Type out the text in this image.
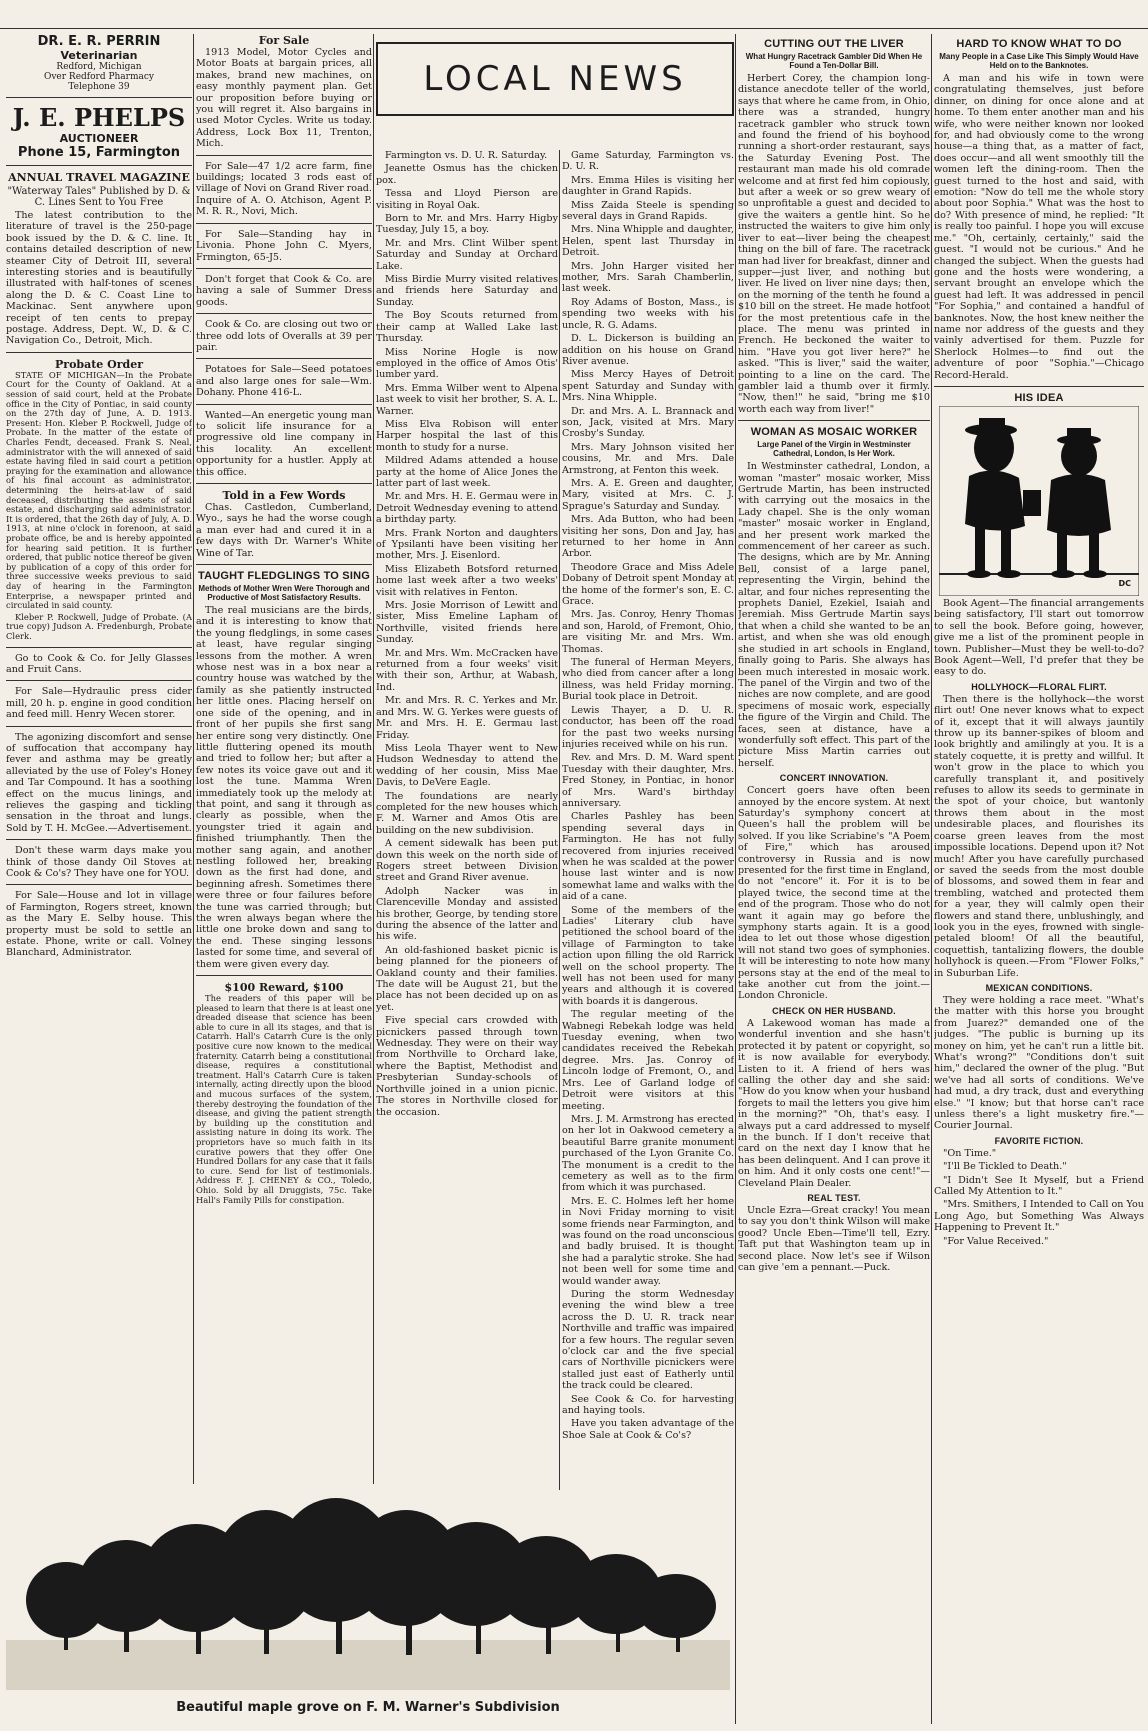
LOCAL NEWS
DR. E. R. PERRIN
Veterinarian
Redford, Michigan
Over Redford Pharmacy
Telephone 39
J. E. PHELPS
AUCTIONEER
Phone 15, Farmington
ANNUAL TRAVEL MAGAZINE
"Waterway Tales" Published by D. & C. Lines Sent to You Free

The latest contribution to the literature of travel is the 250-page book issued by the D. & C. line. It contains detailed description of new steamer City of Detroit III, several interesting stories and is beautifully illustrated with half-tones of scenes along the D. & C. Coast Line to Mackinac. Sent anywhere upon receipt of ten cents to prepay postage. Address, Dept. W., D. & C. Navigation Co., Detroit, Mich.

Probate Order

STATE OF MICHIGAN—In the Probate Court for the County of Oakland. At a session of said court, held at the Probate office in the City of Pontiac, in said county on the 27th day of June, A. D. 1913. Present: Hon. Kleber P. Rockwell, Judge of Probate. In the matter of the estate of Charles Fendt, deceased. Frank S. Neal, administrator with the will annexed of said estate having filed in said court a petition praying for the examination and allowance of his final account as administrator, determining the heirs-at-law of said deceased, distributing the assets of said estate, and discharging said administrator. It is ordered, that the 26th day of July, A. D. 1913, at nine o'clock in forenoon, at said probate office, be and is hereby appointed for hearing said petition. It is further ordered, that public notice thereof be given by publication of a copy of this order for three successive weeks previous to said day of hearing in the Farmington Enterprise, a newspaper printed and circulated in said county.

Kleber P. Rockwell, Judge of Probate. (A true copy) Judson A. Fredenburgh, Probate Clerk.

Go to Cook & Co. for Jelly Glasses and Fruit Cans.

For Sale—Hydraulic press cider mill, 20 h. p. engine in good condition and feed mill. Henry Wecen storer.

The agonizing discomfort and sense of suffocation that accompany hay fever and asthma may be greatly alleviated by the use of Foley's Honey and Tar Compound. It has a soothing effect on the mucus linings, and relieves the gasping and tickling sensation in the throat and lungs. Sold by T. H. McGee.—Advertisement.

Don't these warm days make you think of those dandy Oil Stoves at Cook & Co's? They have one for YOU.

For Sale—House and lot in village of Farmington, Rogers street, known as the Mary E. Selby house. This property must be sold to settle an estate. Phone, write or call. Volney Blanchard, Administrator.

For Sale

1913 Model, Motor Cycles and Motor Boats at bargain prices, all makes, brand new machines, on easy monthly payment plan. Get our proposition before buying or you will regret it. Also bargains in used Motor Cycles. Write us today. Address, Lock Box 11, Trenton, Mich.

For Sale—47 1/2 acre farm, fine buildings; located 3 rods east of village of Novi on Grand River road. Inquire of A. O. Atchison, Agent P. M. R. R., Novi, Mich.

For Sale—Standing hay in Livonia. Phone John C. Myers, Frmington, 65-J5.

Don't forget that Cook & Co. are having a sale of Summer Dress goods.

Cook & Co. are closing out two or three odd lots of Overalls at 39 per pair.

Potatoes for Sale—Seed potatoes and also large ones for sale—Wm. Dohany. Phone 416-L.

Wanted—An energetic young man to solicit life insurance for a progressive old line company in this locality. An excellent opportunity for a hustler. Apply at this office.

Told in a Few Words

Chas. Castledon, Cumberland, Wyo., says he had the worse cough a man ever had and cured it in a few days with Dr. Warner's White Wine of Tar.

TAUGHT FLEDGLINGS TO SING
Methods of Mother Wren Were Thorough and Productive of Most Satisfactory Results.

The real musicians are the birds, and it is interesting to know that the young fledglings, in some cases at least, have regular singing lessons from the mother. A wren whose nest was in a box near a country house was watched by the family as she patiently instructed her little ones. Placing herself on one side of the opening, and in front of her pupils she first sang her entire song very distinctly. One little fluttering opened its mouth and tried to follow her; but after a few notes its voice gave out and it lost the tune. Mamma Wren immediately took up the melody at that point, and sang it through as clearly as possible, when the youngster tried it again and finished triumphantly. Then the mother sang again, and another nestling followed her, breaking down as the first had done, and beginning afresh. Sometimes there were three or four failures before the tune was carried through; but the wren always began where the little one broke down and sang to the end. These singing lessons lasted for some time, and several of them were given every day.

$100 Reward, $100

The readers of this paper will be pleased to learn that there is at least one dreaded disease that science has been able to cure in all its stages, and that is Catarrh. Hall's Catarrh Cure is the only positive cure now known to the medical fraternity. Catarrh being a constitutional disease, requires a constitutional treatment. Hall's Catarrh Cure is taken internally, acting directly upon the blood and mucous surfaces of the system, thereby destroying the foundation of the disease, and giving the patient strength by building up the constitution and assisting nature in doing its work. The proprietors have so much faith in its curative powers that they offer One Hundred Dollars for any case that it fails to cure. Send for list of testimonials. Address F. J. CHENEY & CO., Toledo, Ohio. Sold by all Druggists, 75c. Take Hall's Family Pills for constipation.

Farmington vs. D. U. R. Saturday.

Jeanette Osmus has the chicken pox.

Tessa and Lloyd Pierson are visiting in Royal Oak.

Born to Mr. and Mrs. Harry Higby Tuesday, July 15, a boy.

Mr. and Mrs. Clint Wilber spent Saturday and Sunday at Orchard Lake.

Miss Birdie Murry visited relatives and friends here Saturday and Sunday.

The Boy Scouts returned from their camp at Walled Lake last Thursday.

Miss Norine Hogle is now employed in the office of Amos Otis' lumber yard.

Mrs. Emma Wilber went to Alpena last week to visit her brother, S. A. L. Warner.

Miss Elva Robison will enter Harper hospital the last of this month to study for a nurse.

Mildred Adams attended a house party at the home of Alice Jones the latter part of last week.

Mr. and Mrs. H. E. Germau were in Detroit Wednesday evening to attend a birthday party.

Mrs. Frank Norton and daughters of Ypsilanti have been visiting her mother, Mrs. J. Eisenlord.

Miss Elizabeth Botsford returned home last week after a two weeks' visit with relatives in Fenton.

Mrs. Josie Morrison of Lewitt and sister, Miss Emeline Lapham of Northville, visited friends here Sunday.

Mr. and Mrs. Wm. McCracken have returned from a four weeks' visit with their son, Arthur, at Wabash, Ind.

Mr. and Mrs. R. C. Yerkes and Mr. and Mrs. W. G. Yerkes were guests of Mr. and Mrs. H. E. Germau last Friday.

Miss Leola Thayer went to New Hudson Wednesday to attend the wedding of her cousin, Miss Mae Davis, to DeVere Eagle.

The foundations are nearly completed for the new houses which F. M. Warner and Amos Otis are building on the new subdivision.

A cement sidewalk has been put down this week on the north side of Rogers street between Division street and Grand River avenue.

Adolph Nacker was in Clarenceville Monday and assisted his brother, George, by tending store during the absence of the latter and his wife.

An old-fashioned basket picnic is being planned for the pioneers of Oakland county and their families. The date will be August 21, but the place has not been decided up on as yet.

Five special cars crowded with picnickers passed through town Wednesday. They were on their way from Northville to Orchard lake, where the Baptist, Methodist and Presbyterian Sunday-schools of Northville joined in a union picnic. The stores in Northville closed for the occasion.

Game Saturday, Farmington vs. D. U. R.

Mrs. Emma Hiles is visiting her daughter in Grand Rapids.

Miss Zaida Steele is spending several days in Grand Rapids.

Mrs. Nina Whipple and daughter, Helen, spent last Thursday in Detroit.

Mrs. John Harger visited her mother, Mrs. Sarah Chamberlin, last week.

Roy Adams of Boston, Mass., is spending two weeks with his uncle, R. G. Adams.

D. L. Dickerson is building an addition on his house on Grand River avenue.

Miss Mercy Hayes of Detroit spent Saturday and Sunday with Mrs. Nina Whipple.

Dr. and Mrs. A. L. Brannack and son, Jack, visited at Mrs. Mary Crosby's Sunday.

Mrs. Mary Johnson visited her cousins, Mr. and Mrs. Dale Armstrong, at Fenton this week.

Mrs. A. E. Green and daughter, Mary, visited at Mrs. C. J. Sprague's Saturday and Sunday.

Mrs. Ada Button, who had been visiting her sons, Don and Jay, has returned to her home in Ann Arbor.

Theodore Grace and Miss Adele Dobany of Detroit spent Monday at the home of the former's son, E. C. Grace.

Mrs. Jas. Conroy, Henry Thomas and son, Harold, of Fremont, Ohio, are visiting Mr. and Mrs. Wm. Thomas.

The funeral of Herman Meyers, who died from cancer after a long illness, was held Friday morning. Burial took place in Detroit.

Lewis Thayer, a D. U. R. conductor, has been off the road for the past two weeks nursing injuries received while on his run.

Rev. and Mrs. D. M. Ward spent Tuesday with their daughter, Mrs. Fred Stoney, in Pontiac, in honor of Mrs. Ward's birthday anniversary.

Charles Pashley has been spending several days in Farmington. He has not fully recovered from injuries received when he was scalded at the power house last winter and is now somewhat lame and walks with the aid of a cane.

Some of the members of the Ladies' Literary club have petitioned the school board of the village of Farmington to take action upon filling the old Rarrick well on the school property. The well has not been used for many years and although it is covered with boards it is dangerous.

The regular meeting of the Wabnegi Rebekah lodge was held Tuesday evening, when two candidates received the Rebekah degree. Mrs. Jas. Conroy of Lincoln lodge of Fremont, O., and Mrs. Lee of Garland lodge of Detroit were visitors at this meeting.

Mrs. J. M. Armstrong has erected on her lot in Oakwood cemetery a beautiful Barre granite monument purchased of the Lyon Granite Co. The monument is a credit to the cemetery as well as to the firm from which it was purchased.

Mrs. E. C. Holmes left her home in Novi Friday morning to visit some friends near Farmington, and was found on the road unconscious and badly bruised. It is thought she had a paralytic stroke. She had not been well for some time and would wander away.

During the storm Wednesday evening the wind blew a tree across the D. U. R. track near Northville and traffic was impaired for a few hours. The regular seven o'clock car and the five special cars of Northville picnickers were stalled just east of Eatherly until the track could be cleared.

See Cook & Co. for harvesting and haying tools.

Have you taken advantage of the Shoe Sale at Cook & Co's?

CUTTING OUT THE LIVER
What Hungry Racetrack Gambler Did When He Found a Ten-Dollar Bill.

Herbert Corey, the champion long-distance anecdote teller of the world, says that where he came from, in Ohio, there was a stranded, hungry racetrack gambler who struck town and found the friend of his boyhood running a short-order restaurant, says the Saturday Evening Post. The restaurant man made his old comrade welcome and at first fed him copiously, but after a week or so grew weary of so unprofitable a guest and decided to give the waiters a gentle hint. So he instructed the waiters to give him only liver to eat—liver being the cheapest thing on the bill of fare. The racetrack man had liver for breakfast, dinner and supper—just liver, and nothing but liver. He lived on liver nine days; then, on the morning of the tenth he found a $10 bill on the street. He made hotfoot for the most pretentious cafe in the place. The menu was printed in French. He beckoned the waiter to him. "Have you got liver here?" he asked. "This is liver," said the waiter, pointing to a line on the card. The gambler laid a thumb over it firmly. "Now, then!" he said, "bring me $10 worth each way from liver!"

WOMAN AS MOSAIC WORKER
Large Panel of the Virgin in Westminster Cathedral, London, Is Her Work.

In Westminster cathedral, London, a woman "master" mosaic worker, Miss Gertrude Martin, has been instructed with carrying out the mosaics in the Lady chapel. She is the only woman "master" mosaic worker in England, and her present work marked the commencement of her career as such. The designs, which are by Mr. Anning Bell, consist of a large panel, representing the Virgin, behind the altar, and four niches representing the prophets Daniel, Ezekiel, Isaiah and Jeremiah. Miss Gertrude Martin says that when a child she wanted to be an artist, and when she was old enough she studied in art schools in England, finally going to Paris. She always has been much interested in mosaic work. The panel of the Virgin and two of the niches are now complete, and are good specimens of mosaic work, especially the figure of the Virgin and Child. The faces, seen at distance, have a wonderfully soft effect. This part of the picture Miss Martin carries out herself.

CONCERT INNOVATION.

Concert goers have often been annoyed by the encore system. At next Saturday's symphony concert at Queen's hall the problem will be solved. If you like Scriabine's "A Poem of Fire," which has aroused controversy in Russia and is now presented for the first time in England, do not "encore" it. For it is to be played twice, the second time at the end of the program. Those who do not want it again may go before the symphony starts again. It is a good idea to let out those whose digestion will not stand two goes of symphonies. It will be interesting to note how many persons stay at the end of the meal to take another cut from the joint.—London Chronicle.

CHECK ON HER HUSBAND.

A Lakewood woman has made a wonderful invention and she hasn't protected it by patent or copyright, so it is now available for everybody. Listen to it. A friend of hers was calling the other day and she said: "How do you know when your husband forgets to mail the letters you give him in the morning?" "Oh, that's easy. I always put a card addressed to myself in the bunch. If I don't receive that card on the next day I know that he has been delinquent. And I can prove it on him. And it only costs one cent!"—Cleveland Plain Dealer.

REAL TEST.

Uncle Ezra—Great cracky! You mean to say you don't think Wilson will make good? Uncle Eben—Time'll tell, Ezry. Taft put that Washington team up in second place. Now let's see if Wilson can give 'em a pennant.—Puck.

HARD TO KNOW WHAT TO DO
Many People in a Case Like This Simply Would Have Held on to the Banknotes.

A man and his wife in town were congratulating themselves, just before dinner, on dining for once alone and at home. To them enter another man and his wife, who were neither known nor looked for, and had obviously come to the wrong house—a thing that, as a matter of fact, does occur—and all went smoothly till the women left the dining-room. Then the guest turned to the host and said, with emotion: "Now do tell me the whole story about poor Sophia." What was the host to do? With presence of mind, he replied: "It is really too painful. I hope you will excuse me." "Oh, certainly, certainly," said the guest. "I would not be curious." And he changed the subject. When the guests had gone and the hosts were wondering, a servant brought an envelope which the guest had left. It was addressed in pencil "For Sophia," and contained a handful of banknotes. Now, the host knew neither the name nor address of the guests and they vainly advertised for them. Puzzle for Sherlock Holmes—to find out the adventure of poor "Sophia."—Chicago Record-Herald.

HIS IDEA
DC

Book Agent—The financial arrangements being satisfactory, I'll start out tomorrow to sell the book. Before going, however, give me a list of the prominent people in town. Publisher—Must they be well-to-do? Book Agent—Well, I'd prefer that they be easy to do.

HOLLYHOCK—FLORAL FLIRT.

Then there is the hollyhock—the worst flirt out! One never knows what to expect of it, except that it will always jauntily throw up its banner-spikes of bloom and look brightly and amilingly at you. It is a stately coquette, it is pretty and willful. It won't grow in the place to which you carefully transplant it, and positively refuses to allow its seeds to germinate in the spot of your choice, but wantonly throws them about in the most undesirable places, and flourishes its coarse green leaves from the most impossible locations. Depend upon it? Not much! After you have carefully purchased or saved the seeds from the most double of blossoms, and sowed them in fear and trembling, watched and protected them for a year, they will calmly open their flowers and stand there, unblushingly, and look you in the eyes, frowned with single-petaled bloom! Of all the beautiful, coquettish, tantalizing flowers, the double hollyhock is queen.—From "Flower Folks," in Suburban Life.

MEXICAN CONDITIONS.

They were holding a race meet. "What's the matter with this horse you brought from Juarez?" demanded one of the judges. "The public is burning up its money on him, yet he can't run a little bit. What's wrong?" "Conditions don't suit him," declared the owner of the plug. "But we've had all sorts of conditions. We've had mud, a dry track, dust and everything else." "I know; but that horse can't race unless there's a light musketry fire."—Courier Journal.

FAVORITE FICTION.

"On Time."

"I'll Be Tickled to Death."

"I Didn't See It Myself, but a Friend Called My Attention to It."

"Mrs. Smithers, I Intended to Call on You Long Ago, but Something Was Always Happening to Prevent It."

"For Value Received."

Beautiful maple grove on F. M. Warner's Subdivision
